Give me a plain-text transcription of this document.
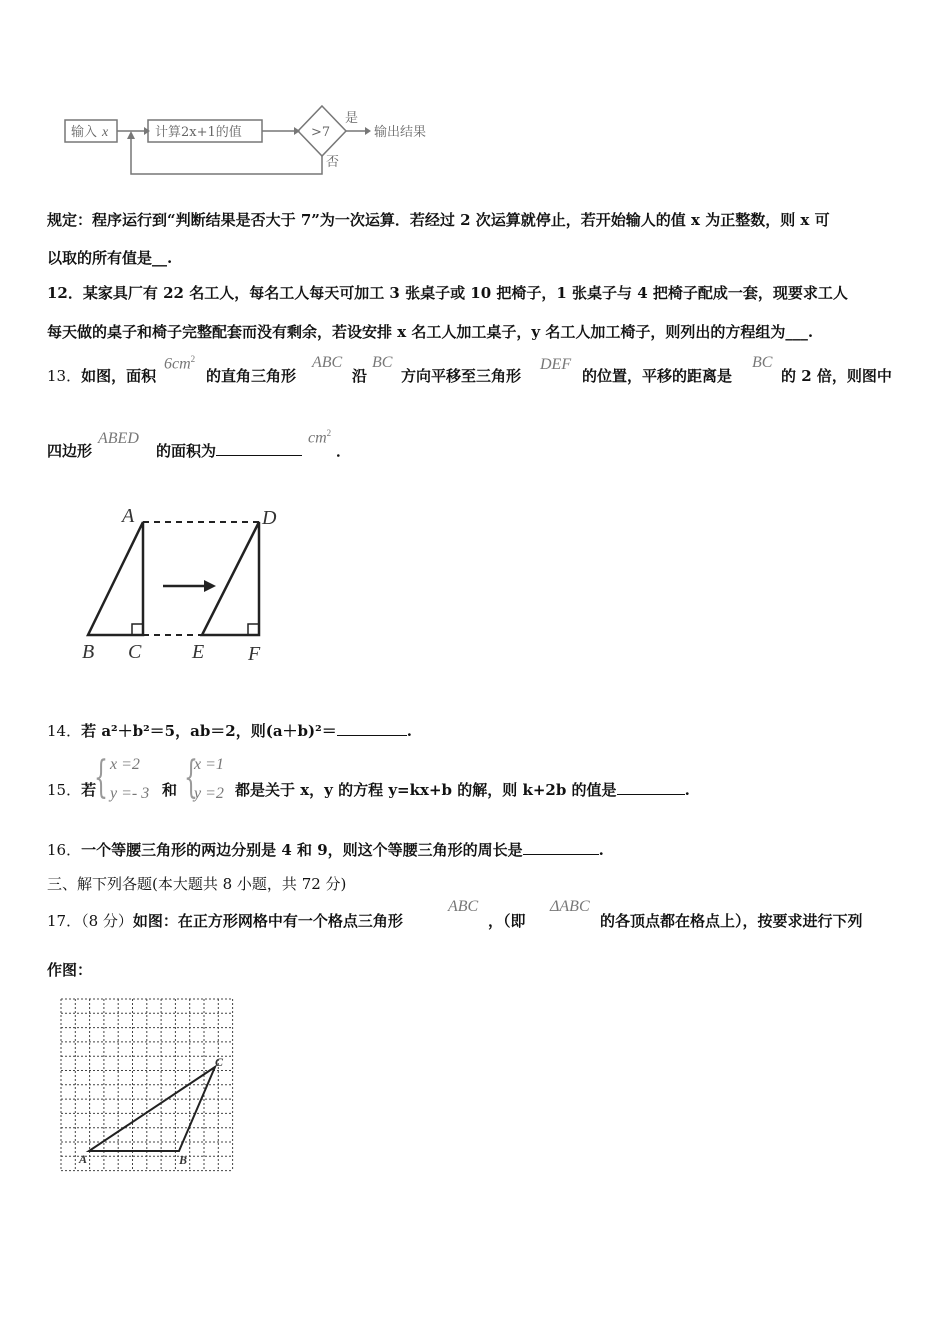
输入 x	计算2x+1的值	>7
是
输出结果
否
规定：程序运行到“判断结果是否大于 7”为一次运算．若经过 2 次运算就停止，若开始输人的值 x 为正整数，则 x 可
以取的所有值是__.
12．某家具厂有 22 名工人，每名工人每天可加工 3 张桌子或 10 把椅子，1 张桌子与 4 把椅子配成一套，现要求工人
每天做的桌子和椅子完整配套而没有剩余，若设安排 x 名工人加工桌子，y 名工人加工椅子，则列出的方程组为___.
13．如图，面积
$6cm^2$
的直角三角形
ABC
沿
BC
方向平移至三角形
DEF
的位置，平移的距离是
BC
的 2 倍，则图中
四边形
ABED
的面积为
$cm^2$
．
A	D
B C	E F
14．若 a²＋b²＝5，ab＝2，则(a＋b)²＝	.
15．若
{ x =2
y =- 3 和 {
x =1
y =2 都是关于 x，y 的方程 y=kx+b 的解，则 k+2b 的值是	.
16．一个等腰三角形的两边分别是 4 和 9，则这个等腰三角形的周长是	.
三、解下列各题(本大题共 8 小题，共 72 分)
17．（8 分）如图：在正方形网格中有一个格点三角形
ABC
，（即
ΔABC
的各顶点都在格点上），按要求进行下列
作图：
A	B
C
